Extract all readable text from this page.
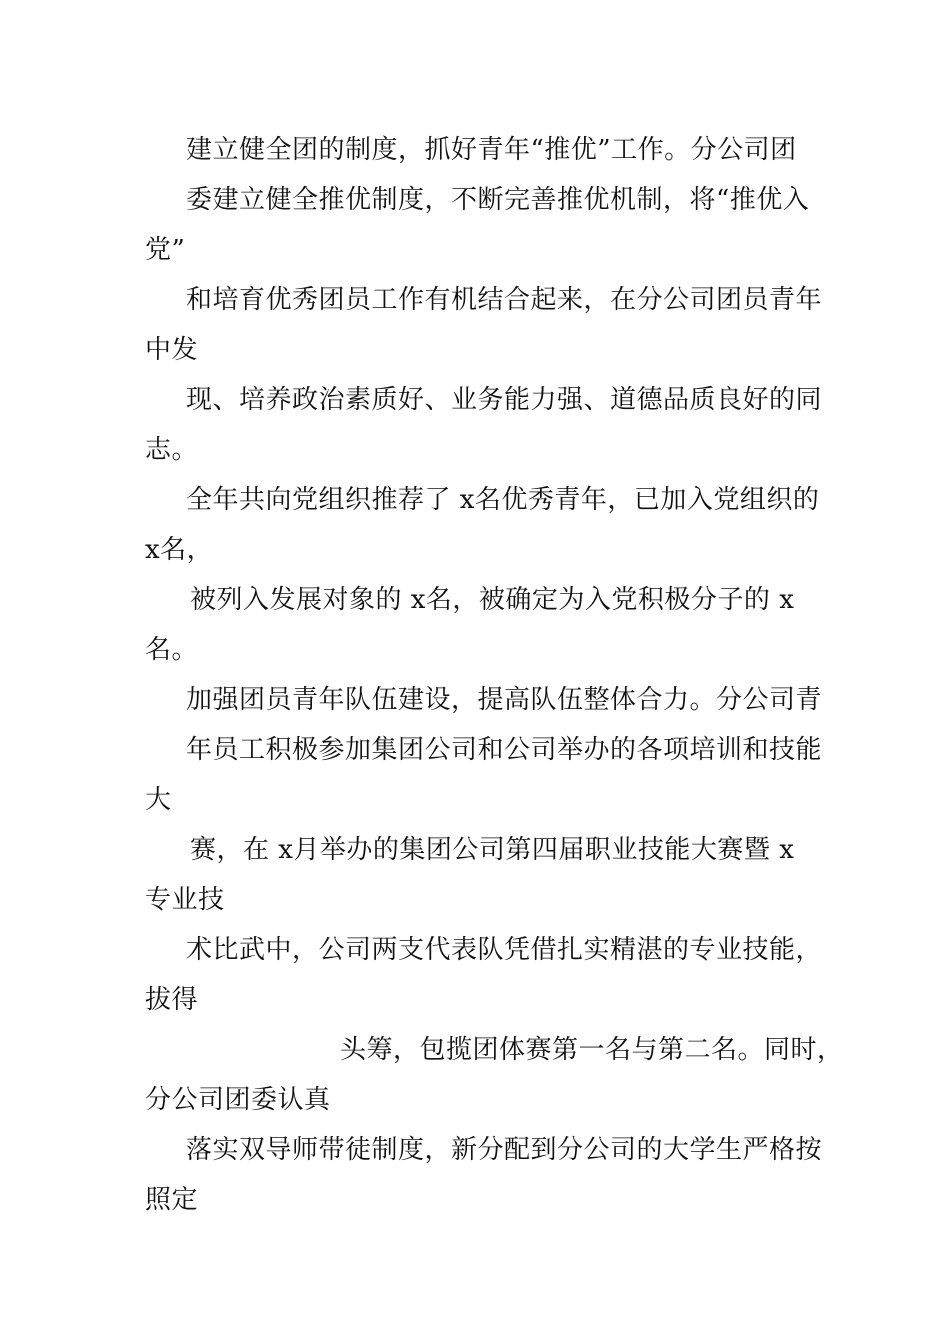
建立健全团的制度，抓好青年“推优”工作。分公司团
委建立健全推优制度，不断完善推优机制，将“推优入
党”
和培育优秀团员工作有机结合起来，在分公司团员青年
中发
现、培养政治素质好、业务能力强、道德品质良好的同
志。
全年共向党组织推荐了 x名优秀青年，已加入党组织的
x名，
被列入发展对象的 x名，被确定为入党积极分子的 x
名。
加强团员青年队伍建设，提高队伍整体合力。分公司青
年员工积极参加集团公司和公司举办的各项培训和技能
大
赛，在 x月举办的集团公司第四届职业技能大赛暨 x
专业技
术比武中，公司两支代表队凭借扎实精湛的专业技能，
拔得
头筹，包揽团体赛第一名与第二名。同时，
分公司团委认真
落实双导师带徒制度，新分配到分公司的大学生严格按
照定
